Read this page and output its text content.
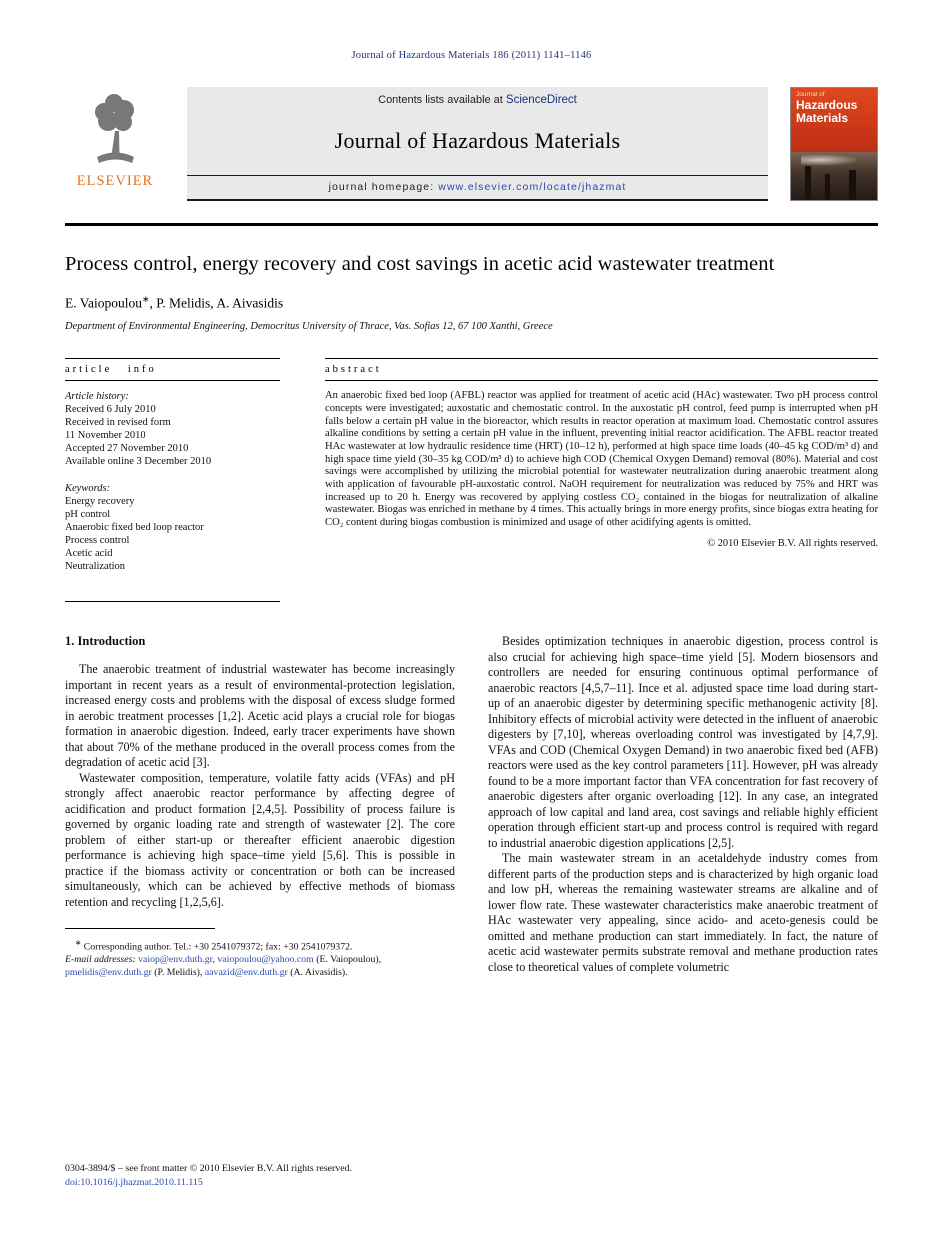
Journal of Hazardous Materials 186 (2011) 1141–1146
ELSEVIER
Contents lists available at ScienceDirect
Journal of Hazardous Materials
journal homepage: www.elsevier.com/locate/jhazmat
Journal of
Hazardous
Materials
Process control, energy recovery and cost savings in acetic acid wastewater treatment
E. Vaiopoulou∗, P. Melidis, A. Aivasidis
Department of Environmental Engineering, Democritus University of Thrace, Vas. Sofias 12, 67 100 Xanthi, Greece
article info
Article history:
Received 6 July 2010
Received in revised form
11 November 2010
Accepted 27 November 2010
Available online 3 December 2010
Keywords:
Energy recovery
pH control
Anaerobic fixed bed loop reactor
Process control
Acetic acid
Neutralization
abstract

An anaerobic fixed bed loop (AFBL) reactor was applied for treatment of acetic acid (HAc) wastewater. Two pH process control concepts were investigated; auxostatic and chemostatic control. In the auxostatic pH control, feed pump is interrupted when pH falls below a certain pH value in the bioreactor, which results in reactor operation at maximum load. Chemostatic control assures alkaline conditions by setting a certain pH value in the influent, preventing initial reactor acidification. The AFBL reactor treated HAc wastewater at low hydraulic residence time (HRT) (10–12 h), performed at high space time loads (40–45 kg COD/m³ d) and high space time yield (30–35 kg COD/m³ d) to achieve high COD (Chemical Oxygen Demand) removal (80%). Material and cost savings were accomplished by utilizing the microbial potential for wastewater neutralization during anaerobic treatment along with application of favourable pH-auxostatic control. NaOH requirement for neutralization was reduced by 75% and HRT was increased up to 20 h. Energy was recovered by applying costless CO₂ contained in the biogas for neutralization of alkaline wastewater. Biogas was enriched in methane by 4 times. This actually brings in more energy profits, since biogas extra heating for CO₂ content during biogas combustion is minimized and usage of other acidifying agents is omitted.

© 2010 Elsevier B.V. All rights reserved.
1. Introduction

The anaerobic treatment of industrial wastewater has become increasingly important in recent years as a result of environmental-protection legislation, increased energy costs and problems with the disposal of excess sludge formed in aerobic treatment processes [1,2]. Acetic acid plays a crucial role for biogas formation in anaerobic digestion. Indeed, early tracer experiments have shown that about 70% of the methane produced in the overall process comes from the degradation of acetic acid [3].

Wastewater composition, temperature, volatile fatty acids (VFAs) and pH strongly affect anaerobic reactor performance by affecting degree of acidification and product formation [2,4,5]. Possibility of process failure is governed by organic loading rate and strength of wastewater [2]. The core problem of either start-up or thereafter efficient anaerobic digestion performance is achieving high space–time yield [5,6]. This is possible in practice if the biomass activity or concentration or both can be increased simultaneously, which can be achieved by effective methods of biomass retention and recycling [1,2,5,6].

∗ Corresponding author. Tel.: +30 2541079372; fax: +30 2541079372.
E-mail addresses: vaiop@env.duth.gr, vaiopoulou@yahoo.com (E. Vaiopoulou), pmelidis@env.duth.gr (P. Melidis), aavazid@env.duth.gr (A. Aivasidis).

Besides optimization techniques in anaerobic digestion, process control is also crucial for achieving high space–time yield [5]. Modern biosensors and controllers are needed for ensuring continuous optimal performance of anaerobic reactors [4,5,7–11]. Ince et al. adjusted space time load during start-up of an anaerobic digester by determining specific methanogenic activity [8]. Inhibitory effects of microbial activity were detected in the influent of anaerobic digesters by [7,10], whereas overloading control was investigated by [4,7,9]. VFAs and COD (Chemical Oxygen Demand) in two anaerobic fixed bed (AFB) reactors were used as the key control parameters [11]. However, pH was already found to be a more important factor than VFA concentration for fast recovery of anaerobic digesters after organic overloading [12]. In any case, an integrated approach of low capital and land area, cost savings and reliable highly efficient operation through efficient start-up and process control is required with regard to industrial anaerobic digestion applications [2,5].

The main wastewater stream in an acetaldehyde industry comes from different parts of the production steps and is characterized by high organic load and low pH, whereas the remaining wastewater streams are alkaline and of lower flow rate. These wastewater characteristics make anaerobic treatment of HAc wastewater very appealing, since acido- and aceto-genesis could be omitted and methane production can start immediately. In fact, the nature of acetic acid wastewater permits substrate removal and methane production rates close to theoretical values of complete volumetric

0304-3894/$ – see front matter © 2010 Elsevier B.V. All rights reserved.
doi:10.1016/j.jhazmat.2010.11.115
